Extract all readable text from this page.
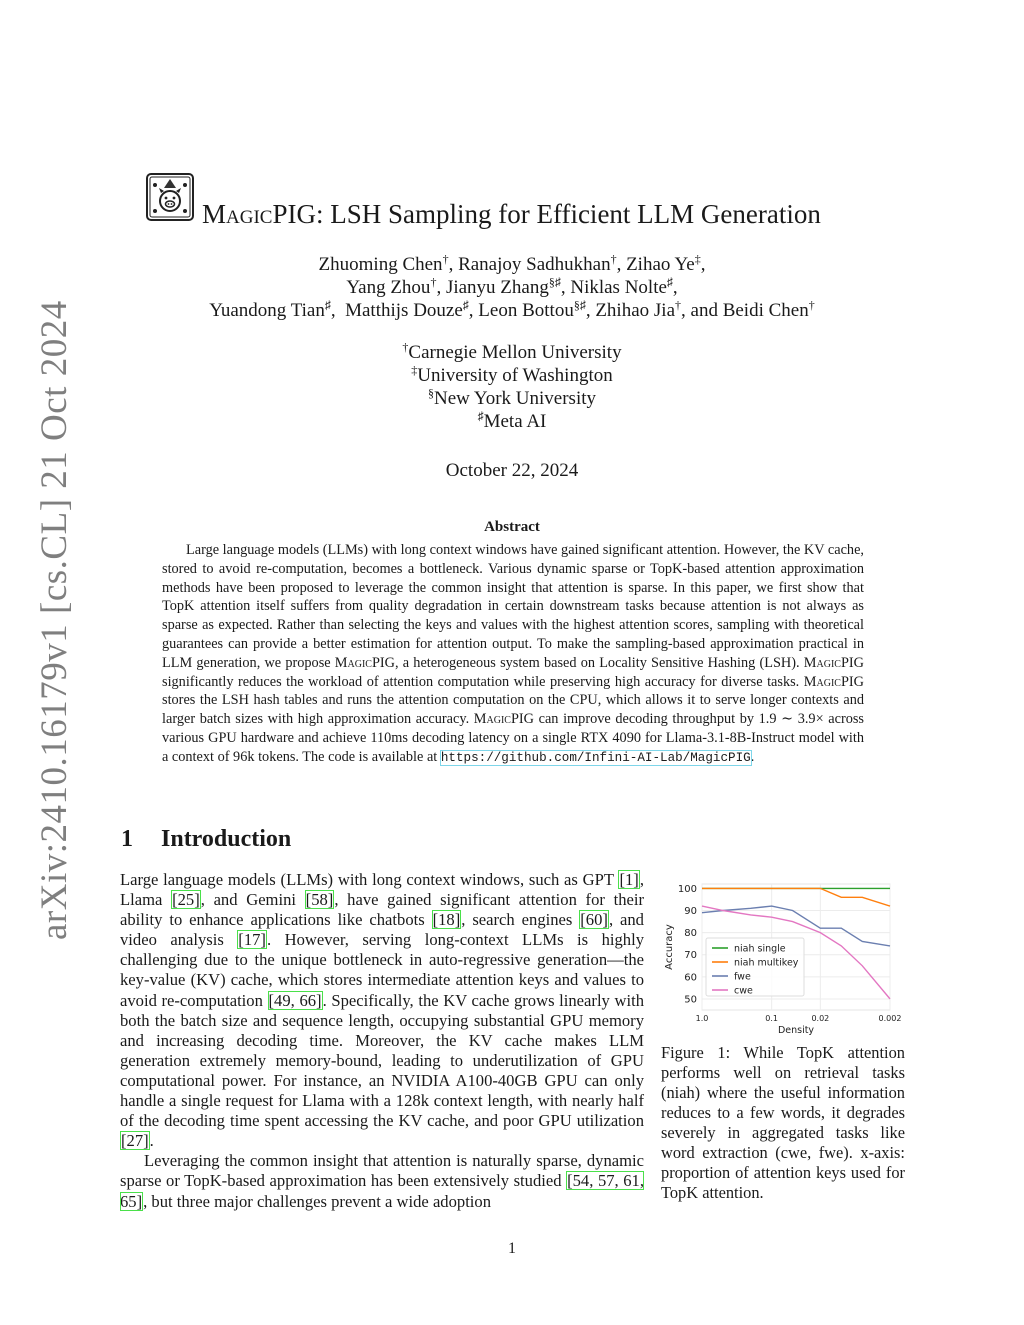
arXiv:2410.16179v1 [cs.CL] 21 Oct 2024
MagicPIG: LSH Sampling for Efficient LLM Generation
Zhuoming Chen†, Ranajoy Sadhukhan†, Zihao Ye‡,
Yang Zhou†, Jianyu Zhang§♯, Niklas Nolte♯,
Yuandong Tian♯,  Matthijs Douze♯, Leon Bottou§♯, Zhihao Jia†, and Beidi Chen†
†Carnegie Mellon University
‡University of Washington
§New York University
♯Meta AI
October 22, 2024
Abstract

Large language models (LLMs) with long context windows have gained significant attention. However, the KV cache, stored to avoid re-computation, becomes a bottleneck. Various dynamic sparse or TopK-based attention approximation methods have been proposed to leverage the common insight that attention is sparse. In this paper, we first show that TopK attention itself suffers from quality degradation in certain downstream tasks because attention is not always as sparse as expected. Rather than selecting the keys and values with the highest attention scores, sampling with theoretical guarantees can provide a better estimation for attention output. To make the sampling-based approximation practical in LLM generation, we propose MagicPIG, a heterogeneous system based on Locality Sensitive Hashing (LSH). MagicPIG significantly reduces the workload of attention computation while preserving high accuracy for diverse tasks. MagicPIG stores the LSH hash tables and runs the attention computation on the CPU, which allows it to serve longer contexts and larger batch sizes with high approximation accuracy. MagicPIG can improve decoding throughput by 1.9 ∼ 3.9× across various GPU hardware and achieve 110ms decoding latency on a single RTX 4090 for Llama-3.1-8B-Instruct model with a context of 96k tokens. The code is available at https://github.com/Infini-AI-Lab/MagicPIG.

1 Introduction

Large language models (LLMs) with long context windows, such as GPT [1], Llama [25], and Gemini [58], have gained significant attention for their ability to enhance applications like chatbots [18], search engines [60], and video analysis [17]. However, serving long-context LLMs is highly challenging due to the unique bottleneck in auto-regressive generation—the key-value (KV) cache, which stores intermediate attention keys and values to avoid re-computation [49, 66]. Specifically, the KV cache grows linearly with both the batch size and sequence length, occupying substantial GPU memory and increasing decoding time. Moreover, the KV cache makes LLM generation extremely memory-bound, leading to underutilization of GPU computational power. For instance, an NVIDIA A100-40GB GPU can only handle a single request for Llama with a 128k context length, with nearly half of the decoding time spent accessing the KV cache, and poor GPU utilization [27].

Leveraging the common insight that attention is naturally sparse, dynamic sparse or TopK-based approximation has been extensively studied [54, 57, 61, 65], but three major challenges prevent a wide adoption

50
60
70
80
90
100
1.0	0.1	0.02	0.002
Density
Accuracy	niah single
niah multikey
fwe
cwe
Figure 1: While TopK attention performs well on retrieval tasks (niah) where the useful information reduces to a few words, it degrades severely in aggregated tasks like word extraction (cwe, fwe). x-axis: proportion of attention keys used for TopK attention.
1
